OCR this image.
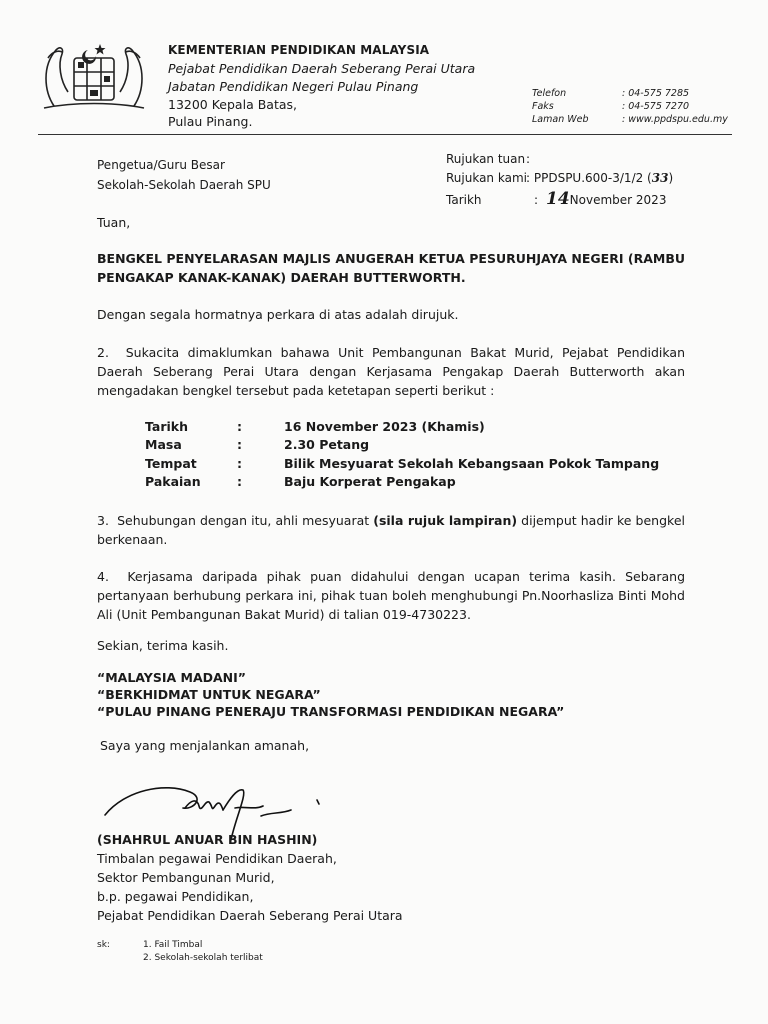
KEMENTERIAN PENDIDIKAN MALAYSIA
Pejabat Pendidikan Daerah Seberang Perai Utara
Jabatan Pendidikan Negeri Pulau Pinang
13200 Kepala Batas,
Pulau Pinang.
Telefon	: 04-575 7285
Faks	: 04-575 7270
Laman Web	: www.ppdspu.edu.my
Pengetua/Guru Besar
Sekolah-Sekolah Daerah SPU
Rujukan tuan:
Rujukan kami: PPDSPU.600-3/1/2 (33)
Tarikh	: 14November 2023
Tuan,
BENGKEL PENYELARASAN MAJLIS ANUGERAH KETUA PESURUHJAYA NEGERI (RAMBU PENGAKAP KANAK-KANAK) DAERAH BUTTERWORTH.
Dengan segala hormatnya perkara di atas adalah dirujuk.
2.  Sukacita dimaklumkan bahawa Unit Pembangunan Bakat Murid, Pejabat Pendidikan Daerah Seberang Perai Utara dengan Kerjasama Pengakap Daerah Butterworth akan mengadakan bengkel tersebut pada ketetapan seperti berikut :
Tarikh	:	16 November 2023 (Khamis)
Masa	:	2.30 Petang
Tempat	:	Bilik Mesyuarat Sekolah Kebangsaan Pokok Tampang
Pakaian	:	Baju Korperat Pengakap
3.  Sehubungan dengan itu, ahli mesyuarat (sila rujuk lampiran) dijemput hadir ke bengkel berkenaan.
4.  Kerjasama daripada pihak puan didahului dengan ucapan terima kasih. Sebarang pertanyaan berhubung perkara ini, pihak tuan boleh menghubungi Pn.Noorhasliza Binti Mohd Ali (Unit Pembangunan Bakat Murid) di talian 019-4730223.
Sekian, terima kasih.
“MALAYSIA MADANI”
“BERKHIDMAT UNTUK NEGARA”
“PULAU PINANG PENERAJU TRANSFORMASI PENDIDIKAN NEGARA”
Saya yang menjalankan amanah,
(SHAHRUL ANUAR BIN HASHIN)
Timbalan pegawai Pendidikan Daerah,
Sektor Pembangunan Murid,
b.p. pegawai Pendidikan,
Pejabat Pendidikan Daerah Seberang Perai Utara
sk:	1. Fail Timbal
2. Sekolah-sekolah terlibat
